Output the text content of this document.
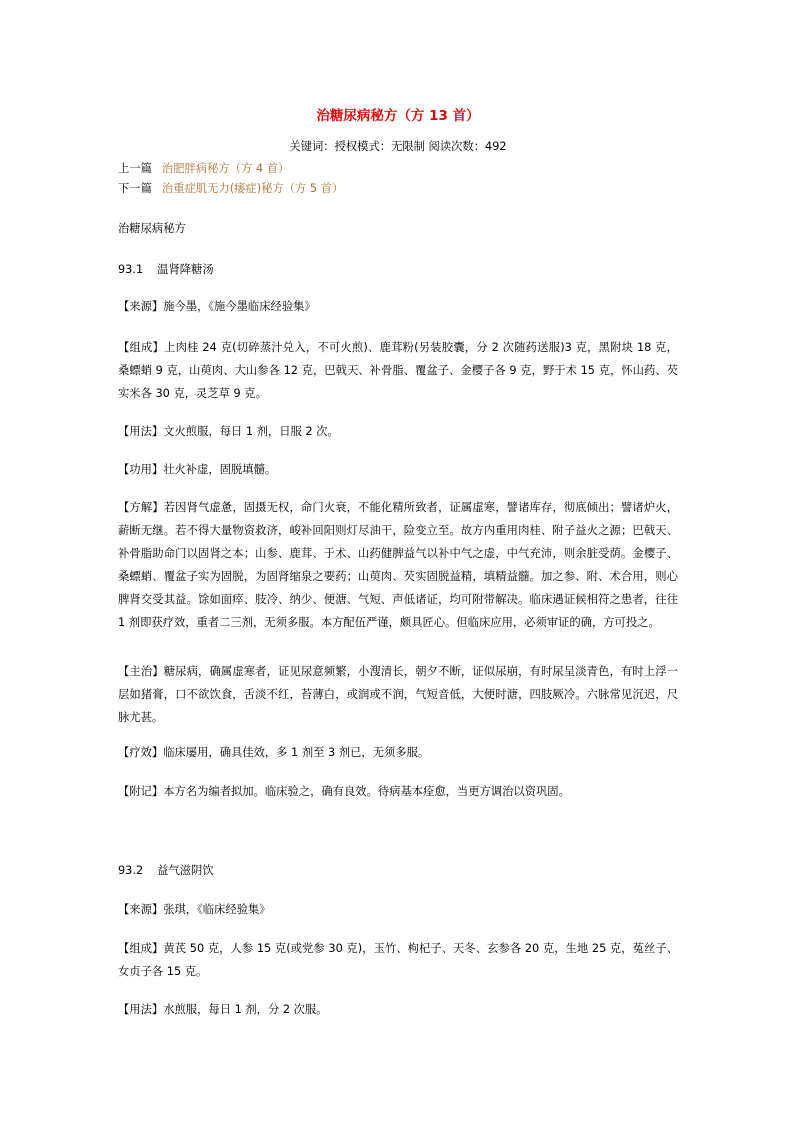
治糖尿病秘方（方 13 首）
关键词：授权模式：无限制 阅读次数：492
上一篇 治肥胖病秘方（方 4 首）
下一篇 治重症肌无力(痿症)秘方（方 5 首）
治糖尿病秘方
93.1 温肾降糖汤
【来源】施今墨，《施今墨临床经验集》
【组成】上肉桂 24 克(切碎蒸汁兑入，不可火煎)、鹿茸粉(另装胶囊，分 2 次随药送服)3 克，黑附块 18 克，桑螵蛸 9 克，山萸肉、大山参各 12 克，巴戟天、补骨脂、覆盆子、金樱子各 9 克，野于术 15 克，怀山药、芡实米各 30 克，灵芝草 9 克。
【用法】文火煎服，每日 1 剂，日服 2 次。
【功用】壮火补虚，固脱填髓。
【方解】若因肾气虚惫，固摄无权，命门火衰，不能化精所致者，证属虚寒，譬诸库存，彻底倾出；譬诸炉火，薪断无继。若不得大量物资救济，峻补回阳则灯尽油干，险变立至。故方内重用肉桂、附子益火之源；巴戟天、补骨脂助命门以固肾之本；山参、鹿茸、于术、山药健脾益气以补中气之虚，中气充沛，则余脏受荫。金樱子、桑螵蛸、覆盆子实为固脱，为固肾缩泉之要药；山萸肉、芡实固脱益精，填精益髓。加之参、附、术合用，则心脾肾交受其益。馀如面瘁、肢冷、纳少、便溏、气短、声低诸证，均可附带解决。临床遇证候相符之患者，往往 1 剂即获疗效，重者二三剂，无须多服。本方配伍严谨，颇具匠心。但临床应用，必须审证的确，方可投之。
【主治】糖尿病，确属虚寒者，证见尿意频繁，小溲清长，朝夕不断，证似尿崩，有时尿呈淡青色，有时上浮一层如猪膏，口不欲饮食，舌淡不红，苔薄白，或润或不润，气短音低，大便时溏，四肢厥冷。六脉常见沉迟，尺脉尤甚。
【疗效】临床屡用，确具佳效，多 1 剂至 3 剂已，无须多服。
【附记】本方名为编者拟加。临床验之，确有良效。待病基本痊愈，当更方调治以资巩固。
93.2 益气滋阴饮
【来源】张琪，《临床经验集》
【组成】黄芪 50 克，人参 15 克(或党参 30 克)，玉竹、枸杞子、天冬、玄参各 20 克，生地 25 克，菟丝子、女贞子各 15 克。
【用法】水煎服，每日 1 剂，分 2 次服。
